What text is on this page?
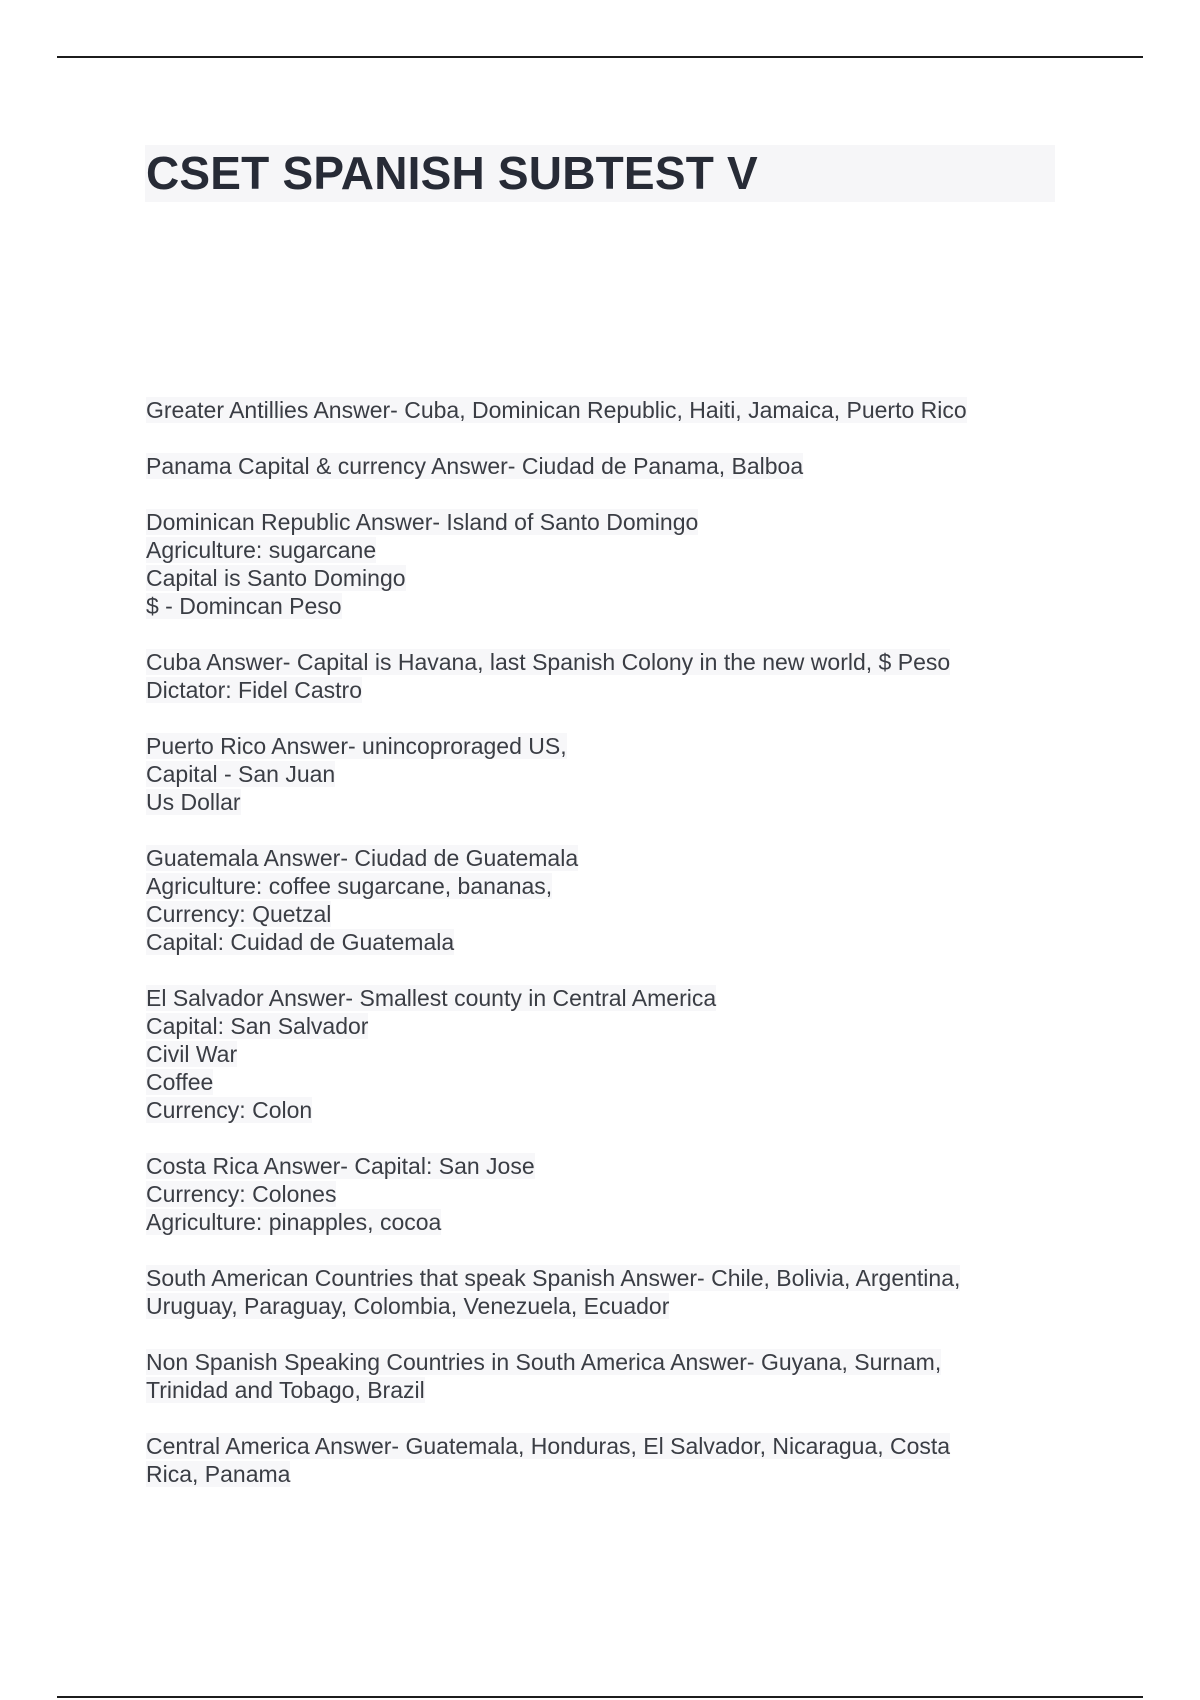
CSET SPANISH SUBTEST V
Greater Antillies Answer- Cuba, Dominican Republic, Haiti, Jamaica, Puerto Rico
Panama Capital & currency Answer- Ciudad de Panama, Balboa
Dominican Republic Answer- Island of Santo Domingo
Agriculture: sugarcane
Capital is Santo Domingo
$ - Domincan Peso
Cuba Answer- Capital is Havana, last Spanish Colony in the new world, $ Peso
Dictator: Fidel Castro
Puerto Rico Answer- unincoproraged US,
Capital - San Juan
Us Dollar
Guatemala Answer- Ciudad de Guatemala
Agriculture: coffee sugarcane, bananas,
Currency: Quetzal
Capital: Cuidad de Guatemala
El Salvador Answer- Smallest county in Central America
Capital: San Salvador
Civil War
Coffee
Currency: Colon
Costa Rica Answer- Capital: San Jose
Currency: Colones
Agriculture: pinapples, cocoa
South American Countries that speak Spanish Answer- Chile, Bolivia, Argentina,
Uruguay, Paraguay, Colombia, Venezuela, Ecuador
Non Spanish Speaking Countries in South America Answer- Guyana, Surnam,
Trinidad and Tobago, Brazil
Central America Answer- Guatemala, Honduras, El Salvador, Nicaragua, Costa
Rica, Panama
